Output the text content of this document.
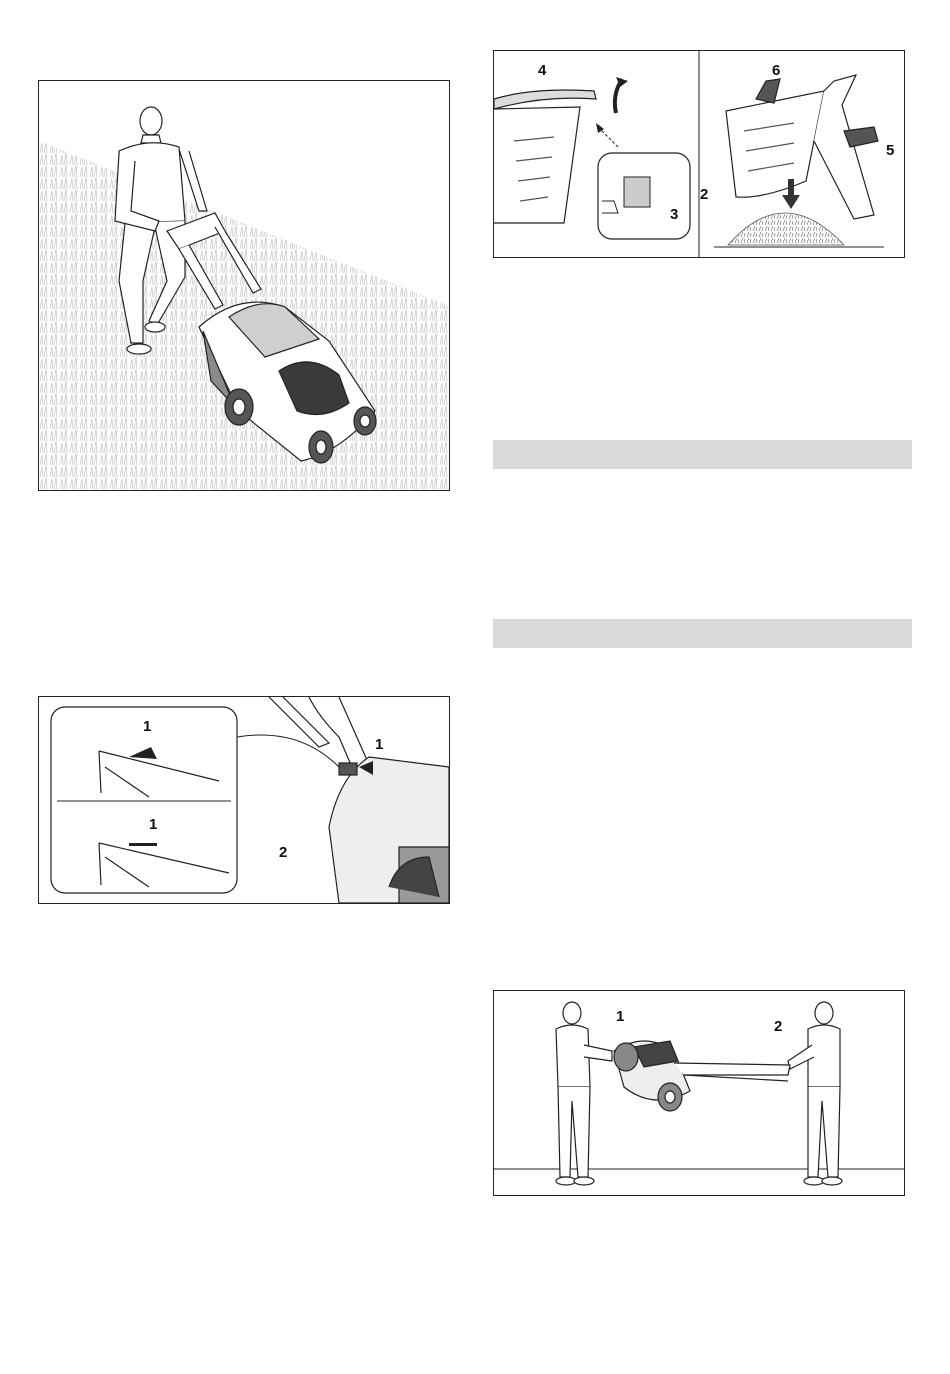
4
3
6
5
2
1
1
1
2
1
2
